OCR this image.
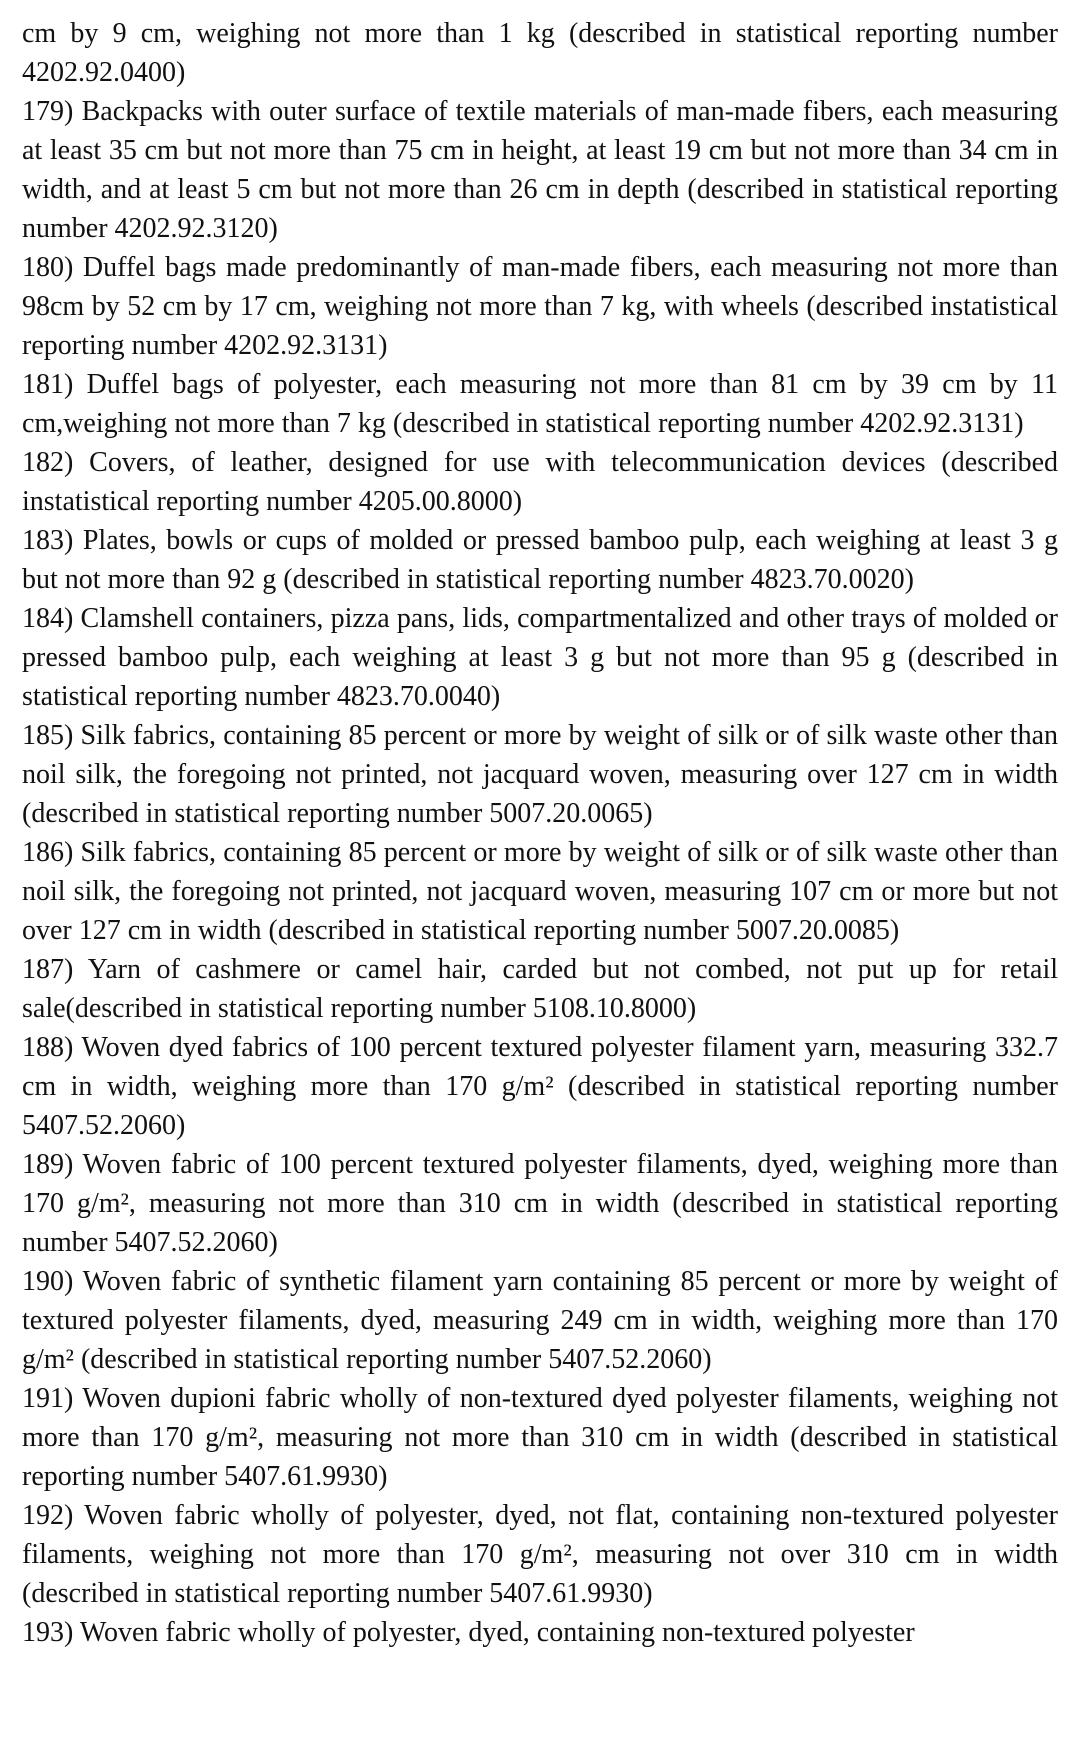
cm by 9 cm, weighing not more than 1 kg (described in statistical reporting number 4202.92.0400)

179) Backpacks with outer surface of textile materials of man-made fibers, each measuring at least 35 cm but not more than 75 cm in height, at least 19 cm but not more than 34 cm in width, and at least 5 cm but not more than 26 cm in depth (described in statistical reporting number 4202.92.3120)

180) Duffel bags made predominantly of man-made fibers, each measuring not more than 98cm by 52 cm by 17 cm, weighing not more than 7 kg, with wheels (described instatistical reporting number 4202.92.3131)

181) Duffel bags of polyester, each measuring not more than 81 cm by 39 cm by 11 cm,weighing not more than 7 kg (described in statistical reporting number 4202.92.3131)

182) Covers, of leather, designed for use with telecommunication devices (described instatistical reporting number 4205.00.8000)

183) Plates, bowls or cups of molded or pressed bamboo pulp, each weighing at least 3 g but not more than 92 g (described in statistical reporting number 4823.70.0020)

184) Clamshell containers, pizza pans, lids, compartmentalized and other trays of molded or pressed bamboo pulp, each weighing at least 3 g but not more than 95 g (described in statistical reporting number 4823.70.0040)

185) Silk fabrics, containing 85 percent or more by weight of silk or of silk waste other than noil silk, the foregoing not printed, not jacquard woven, measuring over 127 cm in width (described in statistical reporting number 5007.20.0065)

186) Silk fabrics, containing 85 percent or more by weight of silk or of silk waste other than noil silk, the foregoing not printed, not jacquard woven, measuring 107 cm or more but not over 127 cm in width (described in statistical reporting number 5007.20.0085)

187) Yarn of cashmere or camel hair, carded but not combed, not put up for retail sale(described in statistical reporting number 5108.10.8000)

188) Woven dyed fabrics of 100 percent textured polyester filament yarn, measuring 332.7 cm in width, weighing more than 170 g/m² (described in statistical reporting number 5407.52.2060)

189) Woven fabric of 100 percent textured polyester filaments, dyed, weighing more than 170 g/m², measuring not more than 310 cm in width (described in statistical reporting number 5407.52.2060)

190) Woven fabric of synthetic filament yarn containing 85 percent or more by weight of textured polyester filaments, dyed, measuring 249 cm in width, weighing more than 170 g/m² (described in statistical reporting number 5407.52.2060)

191) Woven dupioni fabric wholly of non-textured dyed polyester filaments, weighing not more than 170 g/m², measuring not more than 310 cm in width (described in statistical reporting number 5407.61.9930)

192) Woven fabric wholly of polyester, dyed, not flat, containing non-textured polyester filaments, weighing not more than 170 g/m², measuring not over 310 cm in width (described in statistical reporting number 5407.61.9930)

193) Woven fabric wholly of polyester, dyed, containing non-textured polyester
